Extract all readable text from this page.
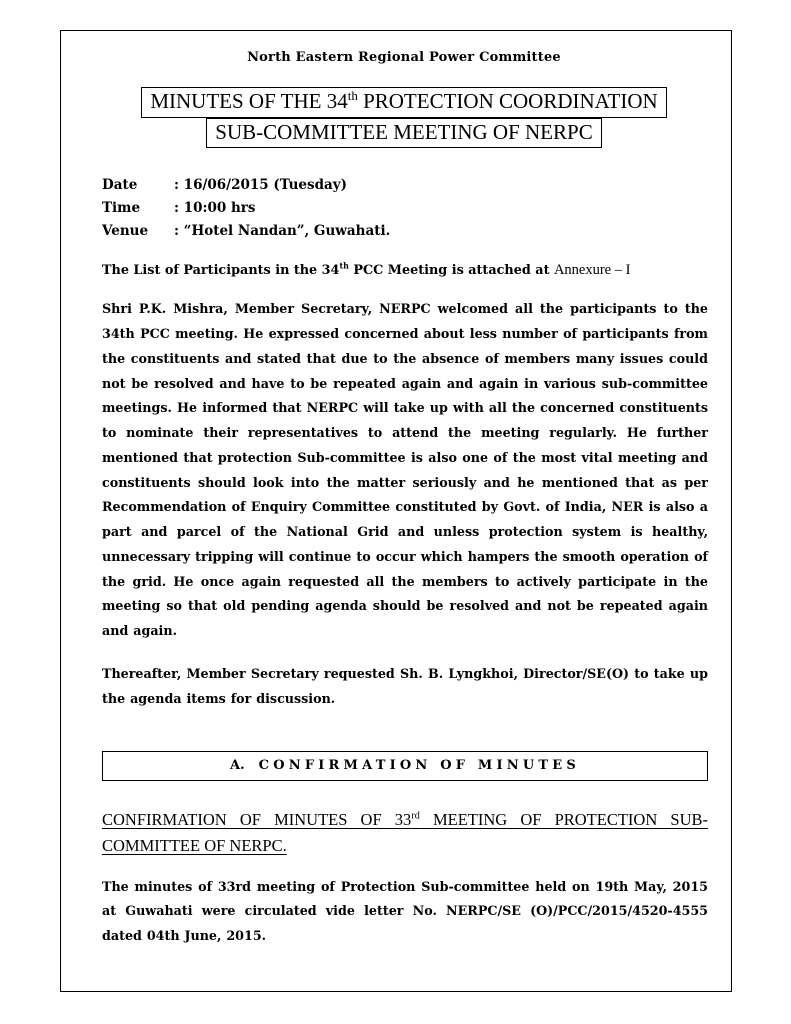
North Eastern Regional Power Committee
MINUTES OF THE 34th PROTECTION COORDINATION
SUB-COMMITTEE MEETING OF NERPC
Date	: 16/06/2015 (Tuesday)
Time	: 10:00 hrs
Venue : “Hotel Nandan”, Guwahati.
The List of Participants in the 34th PCC Meeting is attached at Annexure – I

Shri P.K. Mishra, Member Secretary, NERPC welcomed all the participants to the 34th PCC meeting. He expressed concerned about less number of participants from the constituents and stated that due to the absence of members many issues could not be resolved and have to be repeated again and again in various sub-committee meetings. He informed that NERPC will take up with all the concerned constituents to nominate their representatives to attend the meeting regularly. He further mentioned that protection Sub-committee is also one of the most vital meeting and constituents should look into the matter seriously and he mentioned that as per Recommendation of Enquiry Committee constituted by Govt. of India, NER is also a part and parcel of the National Grid and unless protection system is healthy, unnecessary tripping will continue to occur which hampers the smooth operation of the grid. He once again requested all the members to actively participate in the meeting so that old pending agenda should be resolved and not be repeated again and again.

Thereafter, Member Secretary requested Sh. B. Lyngkhoi, Director/SE(O) to take up the agenda items for discussion.

A. CONFIRMATION OF MINUTES
CONFIRMATION OF MINUTES OF 33rd MEETING OF PROTECTION SUB-COMMITTEE OF NERPC.

The minutes of 33rd meeting of Protection Sub-committee held on 19th May, 2015 at Guwahati were circulated vide letter No. NERPC/SE (O)/PCC/2015/4520-4555 dated 04th June, 2015.
